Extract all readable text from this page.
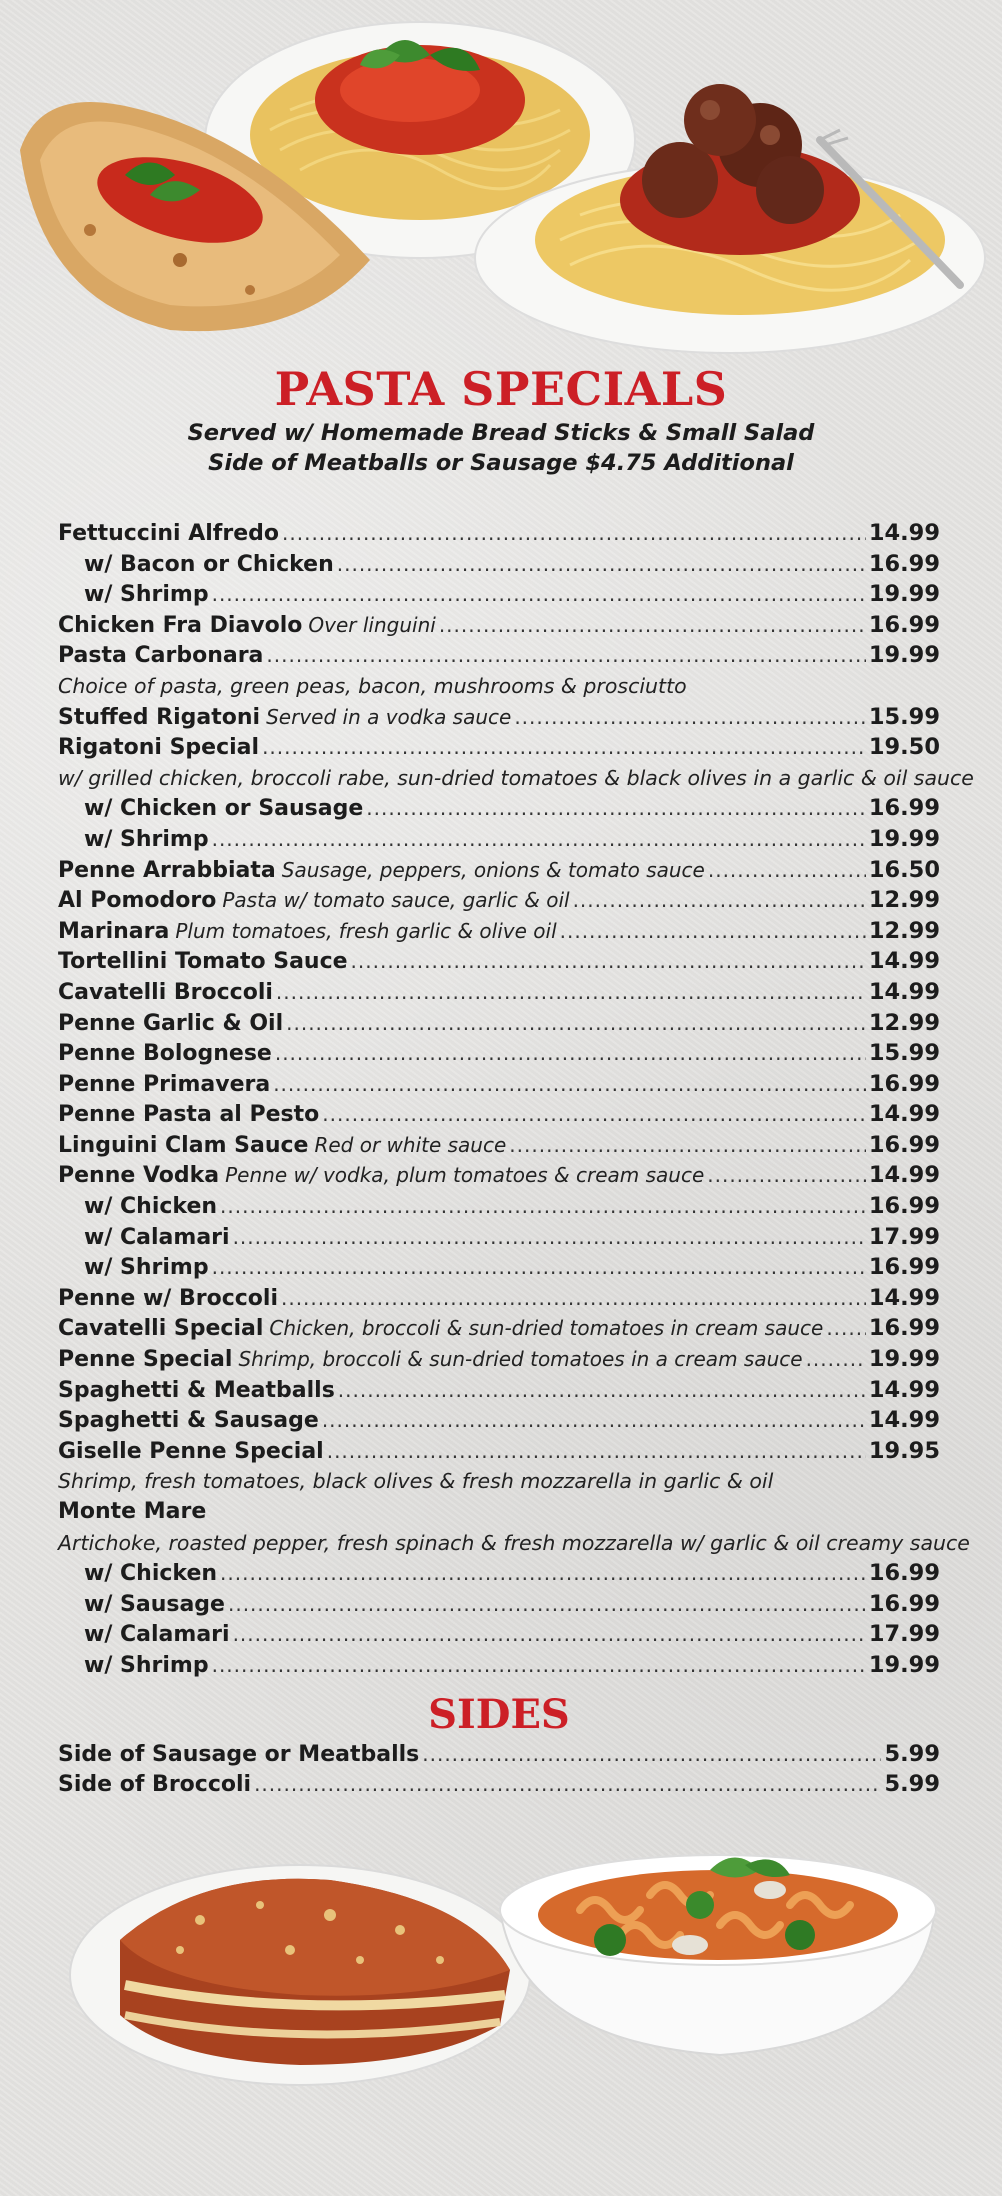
PASTA SPECIALS
Served w/ Homemade Bread Sticks & Small Salad
Side of Meatballs or Sausage $4.75 Additional
Fettuccini Alfredo .....	14.99
w/ Bacon or Chicken .....	16.99
w/ Shrimp .....	19.99
Chicken Fra Diavolo Over linguini .....	16.99
Pasta Carbonara .....	19.99
Choice of pasta, green peas, bacon, mushrooms & prosciutto
Stuffed Rigatoni Served in a vodka sauce .....	15.99
Rigatoni Special .....	19.50
w/ grilled chicken, broccoli rabe, sun-dried tomatoes & black olives in a garlic & oil sauce
w/ Chicken or Sausage .....	16.99
w/ Shrimp .....	19.99
Penne Arrabbiata Sausage, peppers, onions & tomato sauce .....	16.50
Al Pomodoro Pasta w/ tomato sauce, garlic & oil .....	12.99
Marinara Plum tomatoes, fresh garlic & olive oil .....	12.99
Tortellini Tomato Sauce .....	14.99
Cavatelli Broccoli .....	14.99
Penne Garlic & Oil .....	12.99
Penne Bolognese .....	15.99
Penne Primavera .....	16.99
Penne Pasta al Pesto .....	14.99
Linguini Clam Sauce Red or white sauce .....	16.99
Penne Vodka Penne w/ vodka, plum tomatoes & cream sauce .....	14.99
w/ Chicken .....	16.99
w/ Calamari .....	17.99
w/ Shrimp .....	16.99
Penne w/ Broccoli .....	14.99
Cavatelli Special Chicken, broccoli & sun-dried tomatoes in cream sauce ..... 16.99
Penne Special Shrimp, broccoli & sun-dried tomatoes in a cream sauce .....	19.99
Spaghetti & Meatballs .....	14.99
Spaghetti & Sausage .....	14.99
Giselle Penne Special .....	19.95
Shrimp, fresh tomatoes, black olives & fresh mozzarella in garlic & oil
Monte Mare
Artichoke, roasted pepper, fresh spinach & fresh mozzarella w/ garlic & oil creamy sauce
w/ Chicken .....	16.99
w/ Sausage .....	16.99
w/ Calamari .....	17.99
w/ Shrimp .....	19.99
SIDES
Side of Sausage or Meatballs .....	5.99
Side of Broccoli .....	5.99
